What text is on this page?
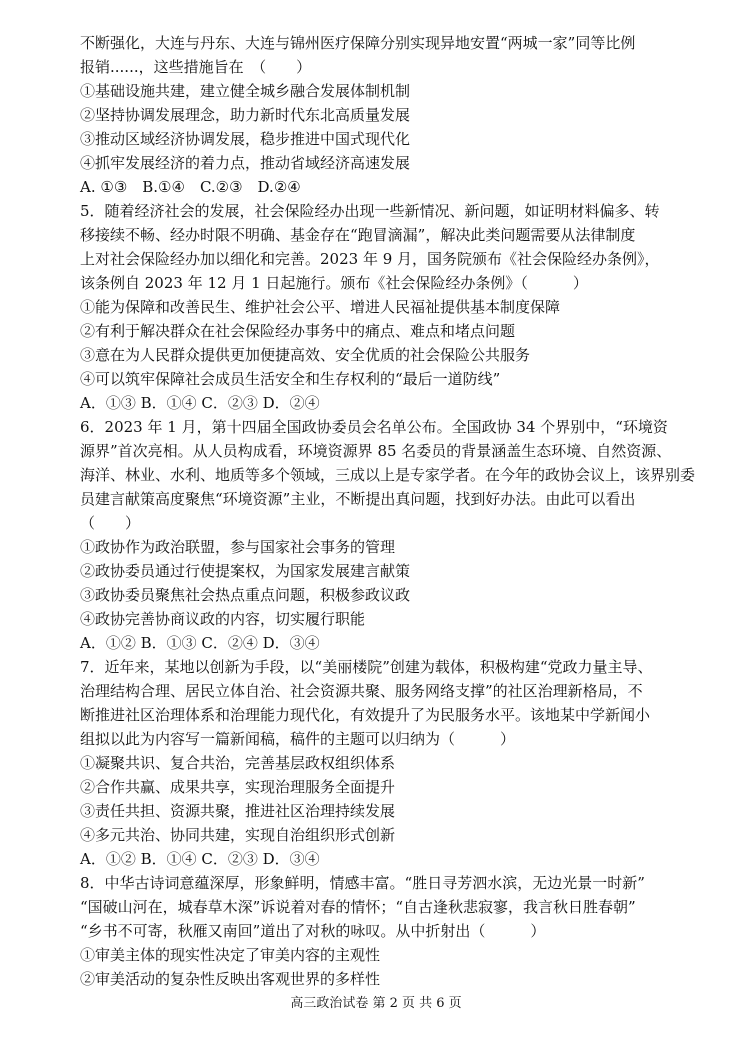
不断强化，大连与丹东、大连与锦州医疗保障分别实现异地安置“两城一家”同等比例
报销......，这些措施旨在　（　　）
①基础设施共建，建立健全城乡融合发展体制机制
②坚持协调发展理念，助力新时代东北高质量发展
③推动区域经济协调发展，稳步推进中国式现代化
④抓牢发展经济的着力点，推动省域经济高速发展
A. ①③　B.①④　C.②③　D.②④
5．随着经济社会的发展，社会保险经办出现一些新情况、新问题，如证明材料偏多、转
移接续不畅、经办时限不明确、基金存在“跑冒滴漏”，解决此类问题需要从法律制度
上对社会保险经办加以细化和完善。2023 年 9 月，国务院颁布《社会保险经办条例》，
该条例自 2023 年 12 月 1 日起施行。颁布《社会保险经办条例》（　　　）
①能为保障和改善民生、维护社会公平、增进人民福祉提供基本制度保障
②有利于解决群众在社会保险经办事务中的痛点、难点和堵点问题
③意在为人民群众提供更加便捷高效、安全优质的社会保险公共服务
④可以筑牢保障社会成员生活安全和生存权利的“最后一道防线”
A．①③ B．①④ C．②③ D．②④
6．2023 年 1 月，第十四届全国政协委员会名单公布。全国政协 34 个界别中，“环境资
源界”首次亮相。从人员构成看，环境资源界 85 名委员的背景涵盖生态环境、自然资源、
海洋、林业、水利、地质等多个领域，三成以上是专家学者。在今年的政协会议上，该界别委
员建言献策高度聚焦“环境资源”主业，不断提出真问题，找到好办法。由此可以看出
（　　）
①政协作为政治联盟，参与国家社会事务的管理
②政协委员通过行使提案权，为国家发展建言献策
③政协委员聚焦社会热点重点问题，积极参政议政
④政协完善协商议政的内容，切实履行职能
A．①② B．①③ C．②④ D．③④
7．近年来，某地以创新为手段，以“美丽楼院”创建为载体，积极构建“党政力量主导、
治理结构合理、居民立体自治、社会资源共聚、服务网络支撑”的社区治理新格局，不
断推进社区治理体系和治理能力现代化，有效提升了为民服务水平。该地某中学新闻小
组拟以此为内容写一篇新闻稿，稿件的主题可以归纳为（　　　）
①凝聚共识、复合共治，完善基层政权组织体系
②合作共赢、成果共享，实现治理服务全面提升
③责任共担、资源共聚，推进社区治理持续发展
④多元共治、协同共建，实现自治组织形式创新
A．①② B．①④ C．②③ D．③④
8．中华古诗词意蕴深厚，形象鲜明，情感丰富。“胜日寻芳泗水滨，无边光景一时新”
“国破山河在，城春草木深”诉说着对春的情怀；“自古逢秋悲寂寥，我言秋日胜春朝”
“乡书不可寄，秋雁又南回”道出了对秋的咏叹。从中折射出（　　　）
①审美主体的现实性决定了审美内容的主观性
②审美活动的复杂性反映出客观世界的多样性
高三政治试卷 第 2 页 共 6 页
